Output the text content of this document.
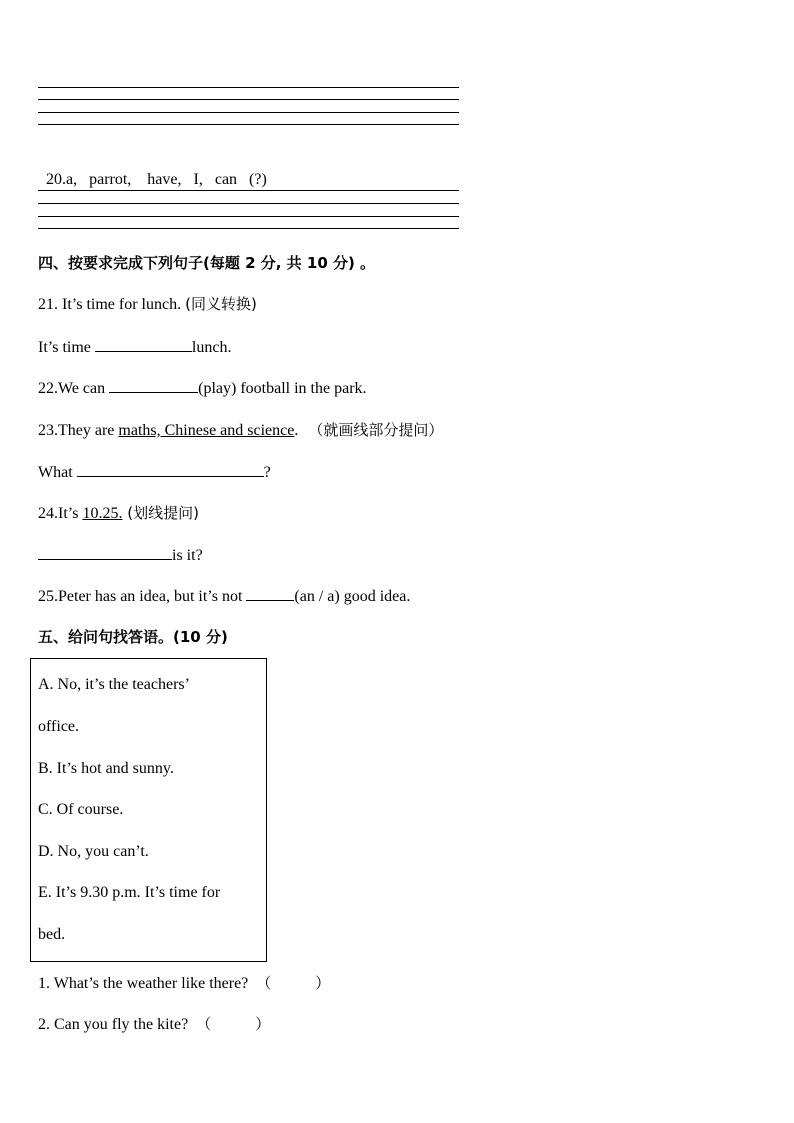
20.a,   parrot,    have,   I,   can   (?)

四、按要求完成下列句子(每题 2 分, 共 10 分) 。
21. It’s time for lunch. (同义转换)
It’s time	lunch.
22.We can	(play) football in the park.
23.They are maths, Chinese and science. （就画线部分提问）
What	?
24.It’s 10.25. (划线提问)
is it?
25.Peter has an idea, but it’s not	(an / a) good idea.
五、给问句找答语。(10 分)
A. No, it’s the teachers’
office.
B. It’s hot and sunny.
C. Of course.
D. No, you can’t.
E. It’s 9.30 p.m. It’s time for
bed.
1. What’s the weather like there? （	）
2. Can you fly the kite? （	）
